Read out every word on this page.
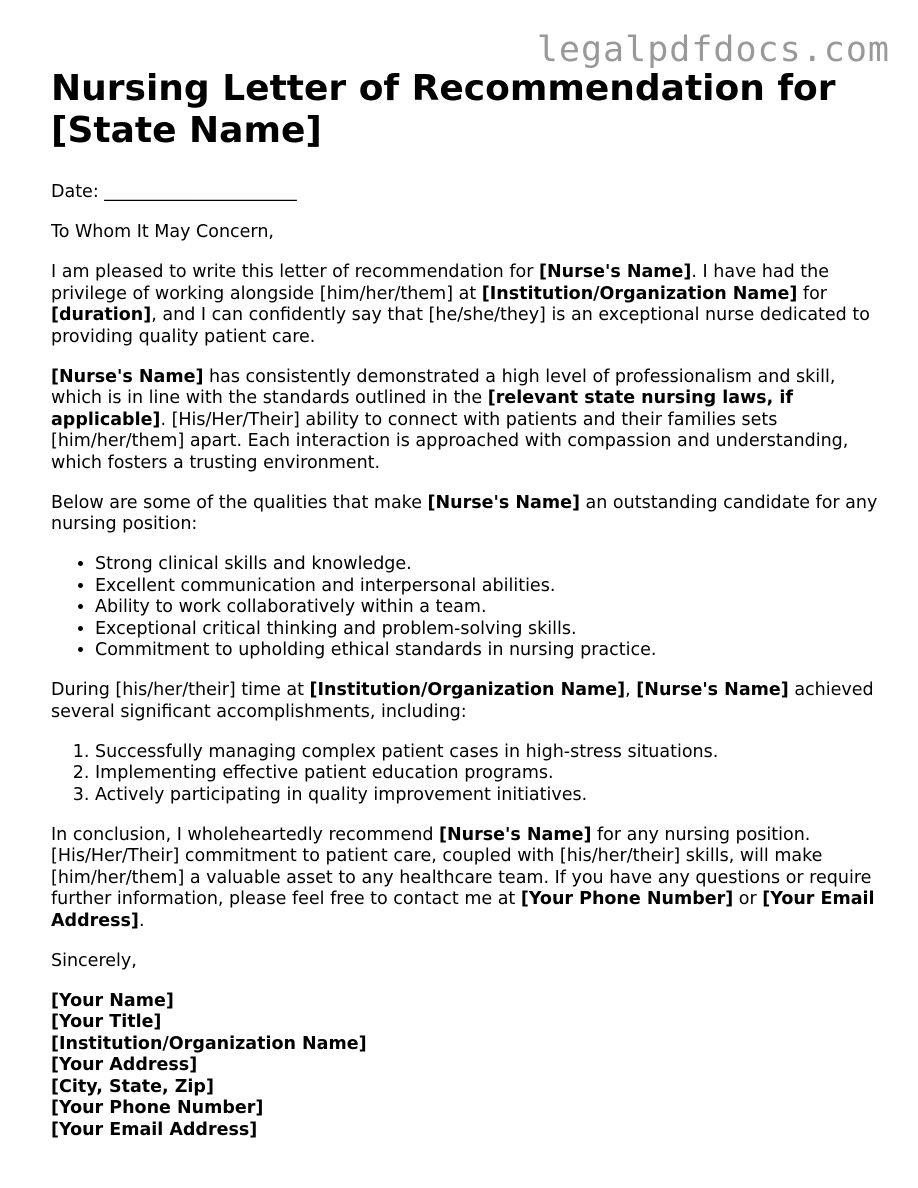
legalpdfdocs.com
Nursing Letter of Recommendation for [State Name]

Date: ______________________

To Whom It May Concern,

I am pleased to write this letter of recommendation for [Nurse's Name]. I have had the privilege of working alongside [him/her/them] at [Institution/Organization Name] for [duration], and I can confidently say that [he/she/they] is an exceptional nurse dedicated to providing quality patient care.

[Nurse's Name] has consistently demonstrated a high level of professionalism and skill, which is in line with the standards outlined in the [relevant state nursing laws, if applicable]. [His/Her/Their] ability to connect with patients and their families sets [him/her/them] apart. Each interaction is approached with compassion and understanding, which fosters a trusting environment.

Below are some of the qualities that make [Nurse's Name] an outstanding candidate for any nursing position:

• Strong clinical skills and knowledge.
• Excellent communication and interpersonal abilities.
• Ability to work collaboratively within a team.
• Exceptional critical thinking and problem-solving skills.
• Commitment to upholding ethical standards in nursing practice.

During [his/her/their] time at [Institution/Organization Name], [Nurse's Name] achieved several significant accomplishments, including:

1. Successfully managing complex patient cases in high-stress situations.
2. Implementing effective patient education programs.
3. Actively participating in quality improvement initiatives.

In conclusion, I wholeheartedly recommend [Nurse's Name] for any nursing position. [His/Her/Their] commitment to patient care, coupled with [his/her/their] skills, will make [him/her/them] a valuable asset to any healthcare team. If you have any questions or require further information, please feel free to contact me at [Your Phone Number] or [Your Email Address].

Sincerely,

[Your Name]
[Your Title]
[Institution/Organization Name]
[Your Address]
[City, State, Zip]
[Your Phone Number]
[Your Email Address]
